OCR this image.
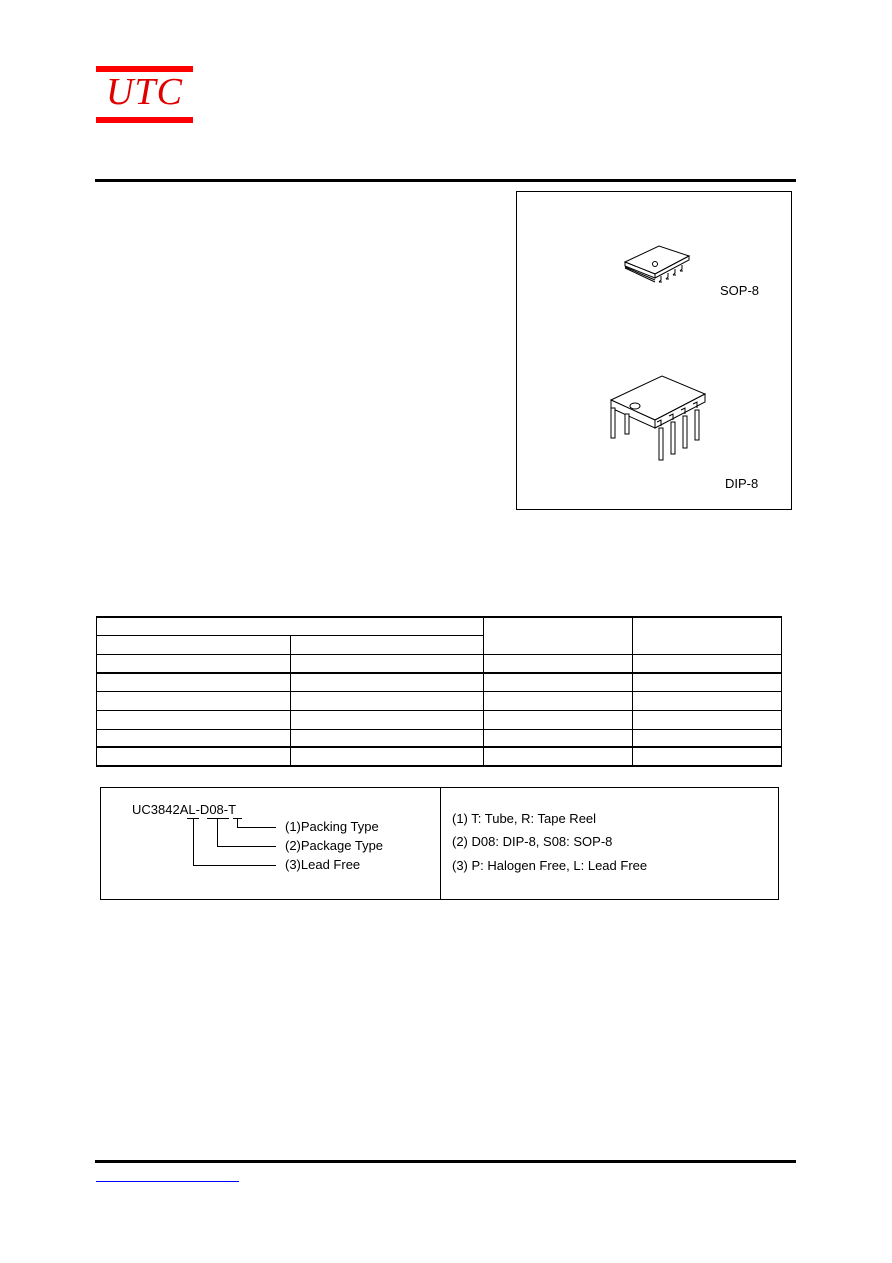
UTC
SOP-8
DIP-8
UC3842AL-D08-T
(1)Packing Type
(2)Package Type
(3)Lead Free
(1) T: Tube, R: Tape Reel
(2) D08: DIP-8, S08: SOP-8
(3) P: Halogen Free, L: Lead Free
